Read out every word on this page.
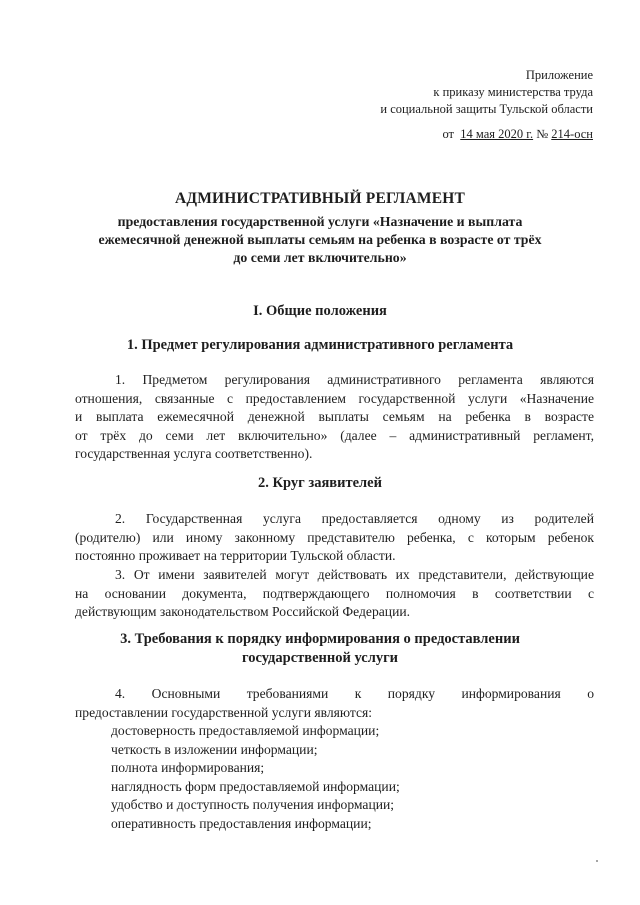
Приложение
к приказу министерства труда
и социальной защиты Тульской области
от 14 мая 2020 г. № 214-осн
АДМИНИСТРАТИВНЫЙ РЕГЛАМЕНТ
предоставления государственной услуги «Назначение и выплата
ежемесячной денежной выплаты семьям на ребенка в возрасте от трёх
до семи лет включительно»
I. Общие положения
1. Предмет регулирования административного регламента
1. Предметом регулирования административного регламента являются
отношения, связанные с предоставлением государственной услуги «Назначение
и выплата ежемесячной денежной выплаты семьям на ребенка в возрасте
от трёх до семи лет включительно» (далее – административный регламент,
государственная услуга соответственно).
2. Круг заявителей
2. Государственная услуга предоставляется одному из родителей
(родителю) или иному законному представителю ребенка, с которым ребенок
постоянно проживает на территории Тульской области.
3. От имени заявителей могут действовать их представители, действующие
на основании документа, подтверждающего полномочия в соответствии с
действующим законодательством Российской Федерации.
3. Требования к порядку информирования о предоставлении
государственной услуги
4. Основными требованиями к порядку информирования о
предоставлении государственной услуги являются:
достоверность предоставляемой информации;
четкость в изложении информации;
полнота информирования;
наглядность форм предоставляемой информации;
удобство и доступность получения информации;
оперативность предоставления информации;
